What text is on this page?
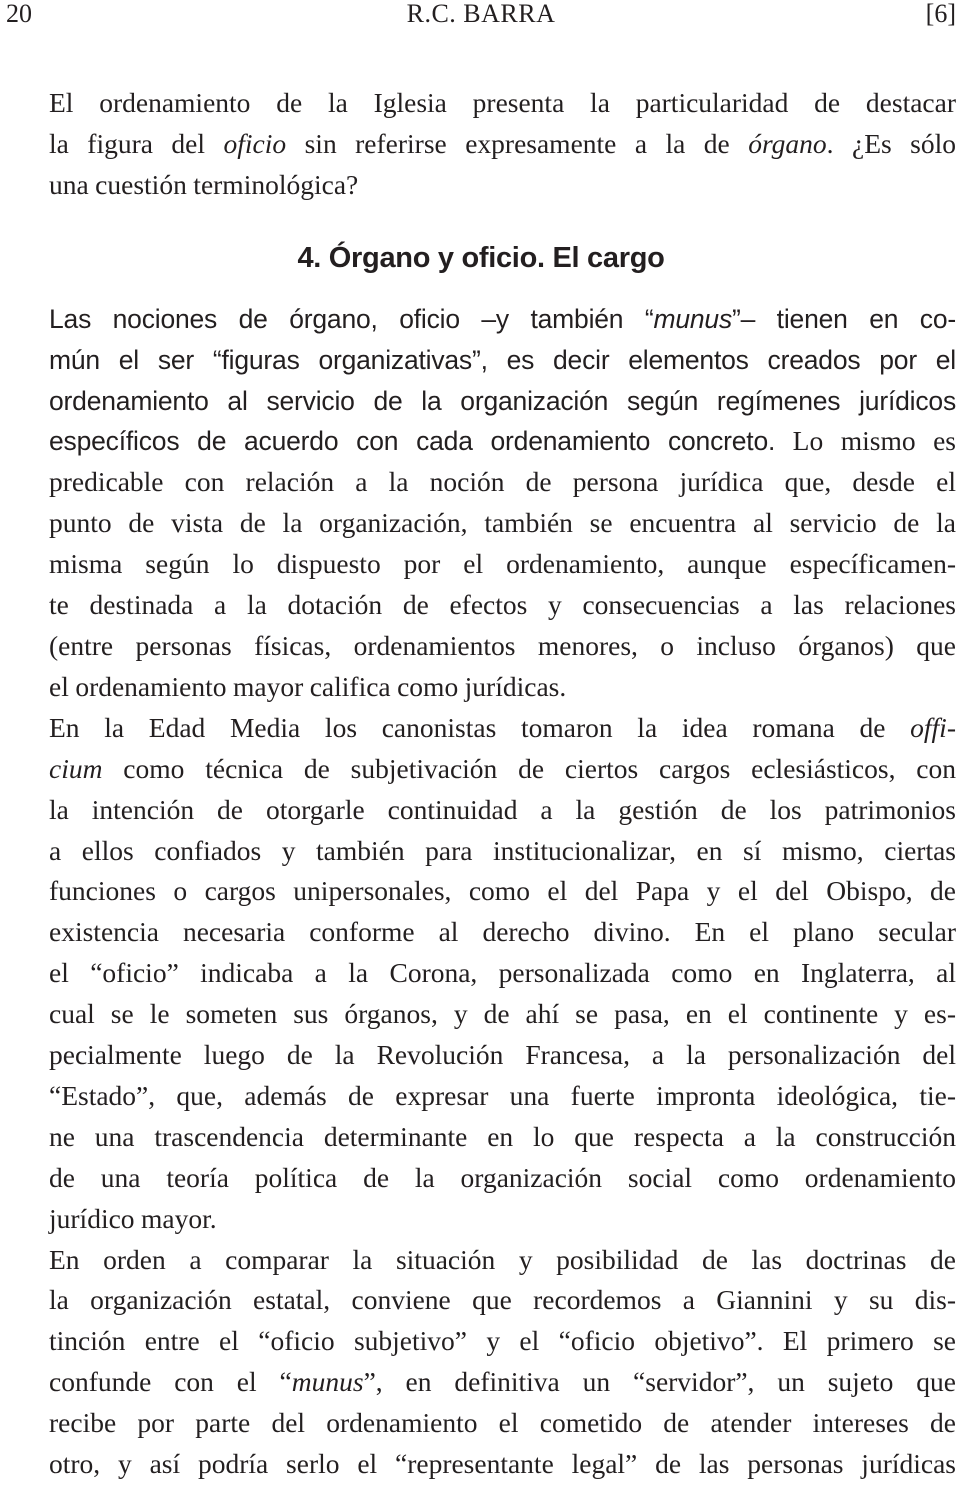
20	R.C. BARRA	[6]

El ordenamiento de la Iglesia presenta la particularidad de destacar
la figura del oficio sin referirse expresamente a la de órgano. ¿Es sólo
una cuestión terminológica?

4. Órgano y oficio. El cargo

Las nociones de órgano, oficio –y también “munus”– tienen en co-
mún el ser “figuras organizativas”, es decir elementos creados por el
ordenamiento al servicio de la organización según regímenes jurídicos
específicos de acuerdo con cada ordenamiento concreto. Lo mismo es
predicable con relación a la noción de persona jurídica que, desde el
punto de vista de la organización, también se encuentra al servicio de la
misma según lo dispuesto por el ordenamiento, aunque específicamen-
te destinada a la dotación de efectos y consecuencias a las relaciones
(entre personas físicas, ordenamientos menores, o incluso órganos) que
el ordenamiento mayor califica como jurídicas.

En la Edad Media los canonistas tomaron la idea romana de offi-
cium como técnica de subjetivación de ciertos cargos eclesiásticos, con
la intención de otorgarle continuidad a la gestión de los patrimonios
a ellos confiados y también para institucionalizar, en sí mismo, ciertas
funciones o cargos unipersonales, como el del Papa y el del Obispo, de
existencia necesaria conforme al derecho divino. En el plano secular
el “oficio” indicaba a la Corona, personalizada como en Inglaterra, al
cual se le someten sus órganos, y de ahí se pasa, en el continente y es-
pecialmente luego de la Revolución Francesa, a la personalización del
“Estado”, que, además de expresar una fuerte impronta ideológica, tie-
ne una trascendencia determinante en lo que respecta a la construcción
de una teoría política de la organización social como ordenamiento
jurídico mayor.

En orden a comparar la situación y posibilidad de las doctrinas de
la organización estatal, conviene que recordemos a Giannini y su dis-
tinción entre el “oficio subjetivo” y el “oficio objetivo”. El primero se
confunde con el “munus”, en definitiva un “servidor”, un sujeto que
recibe por parte del ordenamiento el cometido de atender intereses de
otro, y así podría serlo el “representante legal” de las personas jurídicas
